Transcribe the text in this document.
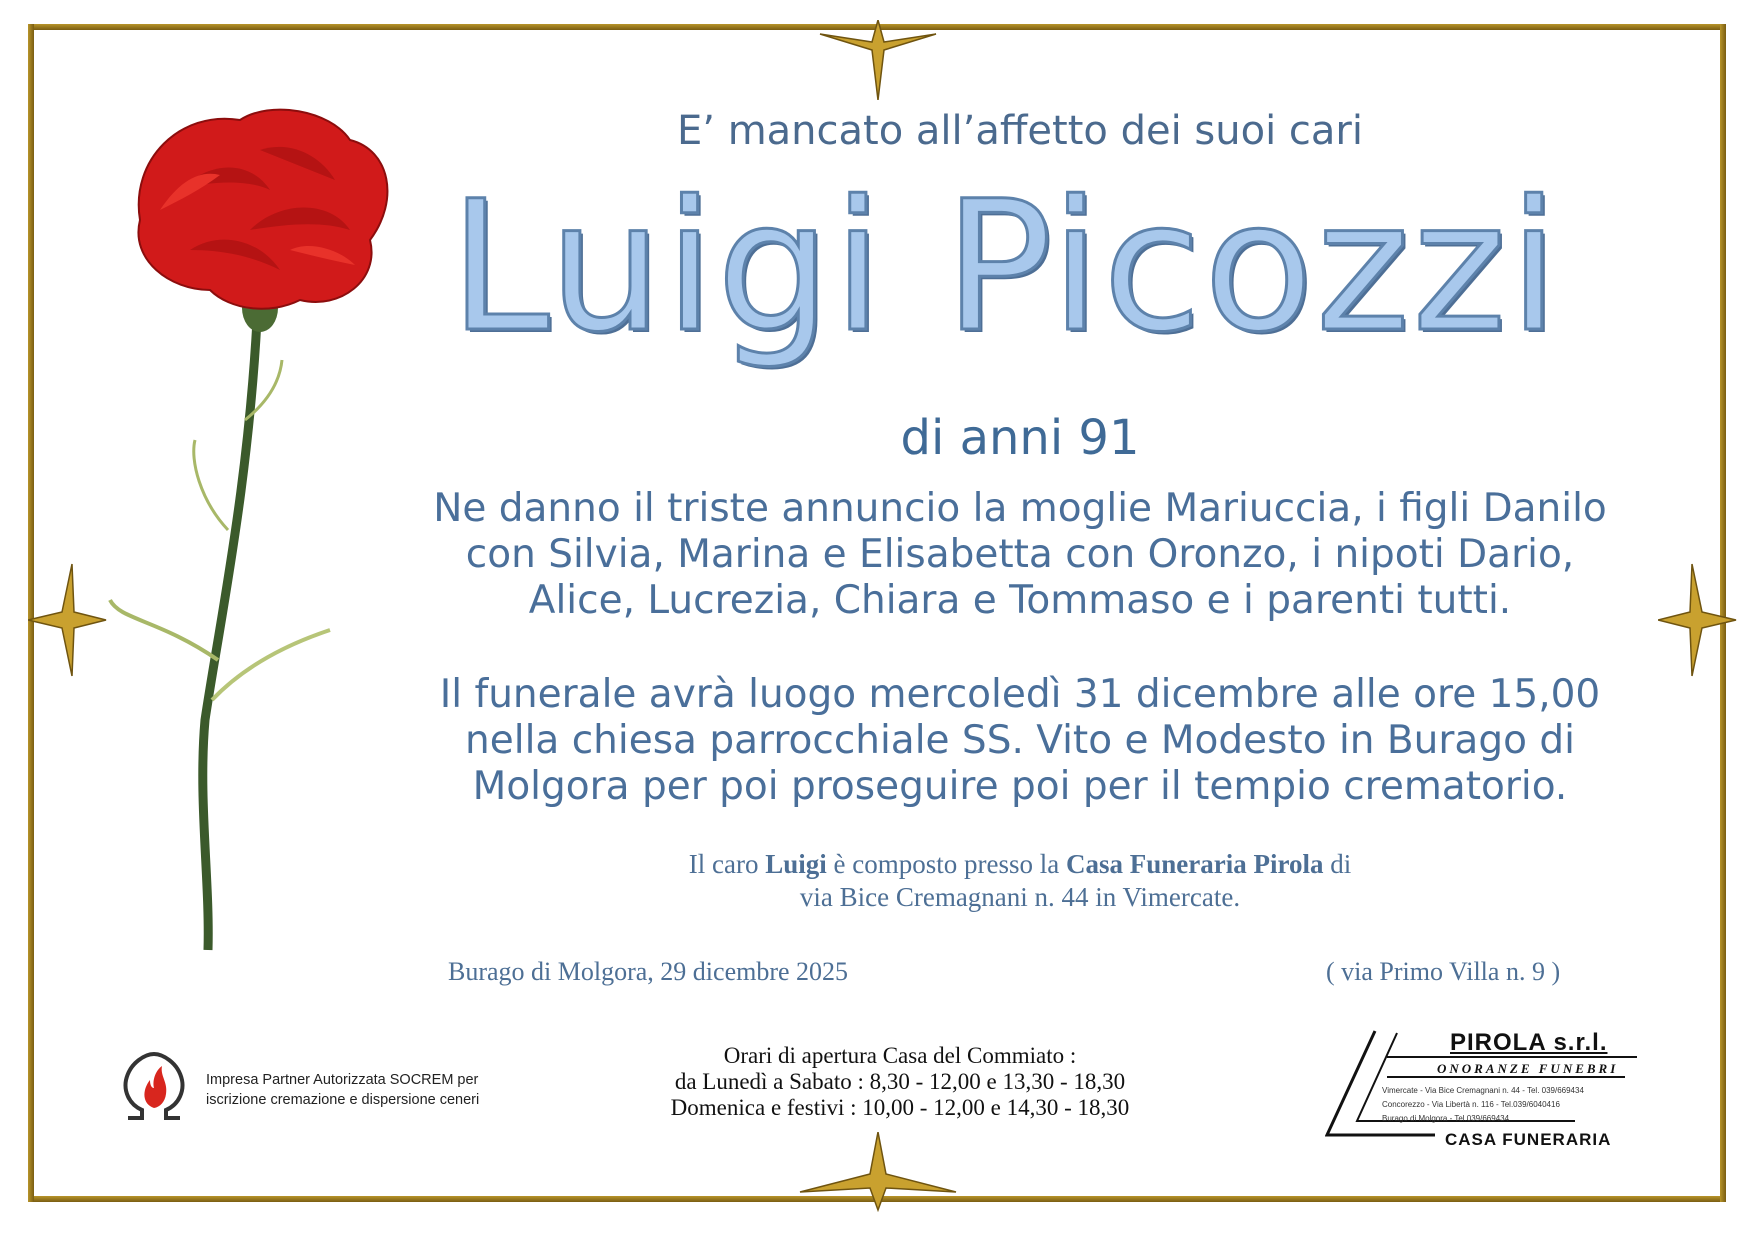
E’ mancato all’affetto dei suoi cari
Luigi Picozzi
di anni 91
Ne danno il triste annuncio la moglie Mariuccia, i figli Danilo
con Silvia, Marina e Elisabetta con Oronzo, i nipoti Dario,
Alice, Lucrezia, Chiara e Tommaso e i parenti tutti.
Il funerale avrà luogo mercoledì 31 dicembre alle ore 15,00
nella chiesa parrocchiale SS. Vito e Modesto in Burago di
Molgora per poi proseguire poi per il tempio crematorio.
Il caro Luigi è composto presso la Casa Funeraria Pirola di
via Bice Cremagnani n. 44 in Vimercate.
Burago di Molgora, 29 dicembre 2025	( via Primo Villa n. 9 )
Orari di apertura Casa del Commiato :
da Lunedì a Sabato : 8,30 - 12,00 e 13,30 - 18,30
Domenica e festivi : 10,00 - 12,00 e 14,30 - 18,30
Impresa Partner Autorizzata SOCREM per
iscrizione cremazione e dispersione ceneri
PIROLA s.r.l.
ONORANZE FUNEBRI
Vimercate - Via Bice Cremagnani n. 44 - Tel. 039/669434
Concorezzo - Via Libertà n. 116 - Tel.039/6040416
Burago di Molgora - Tel.039/669434
CASA FUNERARIA
